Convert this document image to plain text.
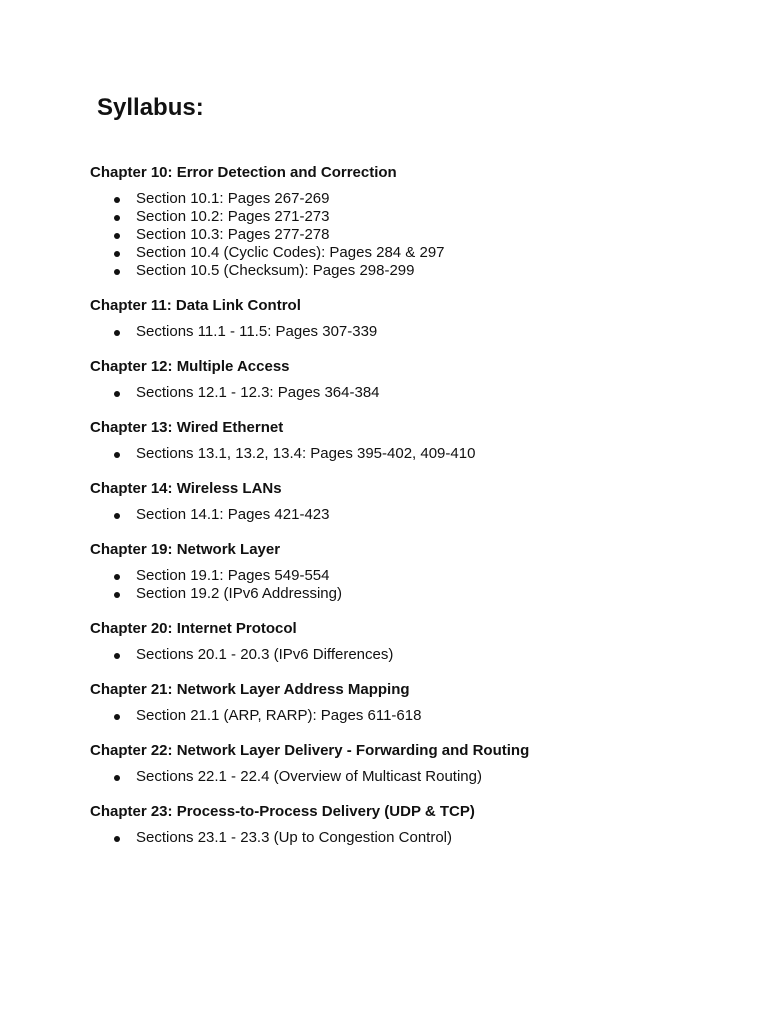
Syllabus:
Chapter 10: Error Detection and Correction
Section 10.1: Pages 267-269
Section 10.2: Pages 271-273
Section 10.3: Pages 277-278
Section 10.4 (Cyclic Codes): Pages 284 & 297
Section 10.5 (Checksum): Pages 298-299
Chapter 11: Data Link Control
Sections 11.1 - 11.5: Pages 307-339
Chapter 12: Multiple Access
Sections 12.1 - 12.3: Pages 364-384
Chapter 13: Wired Ethernet
Sections 13.1, 13.2, 13.4: Pages 395-402, 409-410
Chapter 14: Wireless LANs
Section 14.1: Pages 421-423
Chapter 19: Network Layer
Section 19.1: Pages 549-554
Section 19.2 (IPv6 Addressing)
Chapter 20: Internet Protocol
Sections 20.1 - 20.3 (IPv6 Differences)
Chapter 21: Network Layer Address Mapping
Section 21.1 (ARP, RARP): Pages 611-618
Chapter 22: Network Layer Delivery - Forwarding and Routing
Sections 22.1 - 22.4 (Overview of Multicast Routing)
Chapter 23: Process-to-Process Delivery (UDP & TCP)
Sections 23.1 - 23.3 (Up to Congestion Control)
